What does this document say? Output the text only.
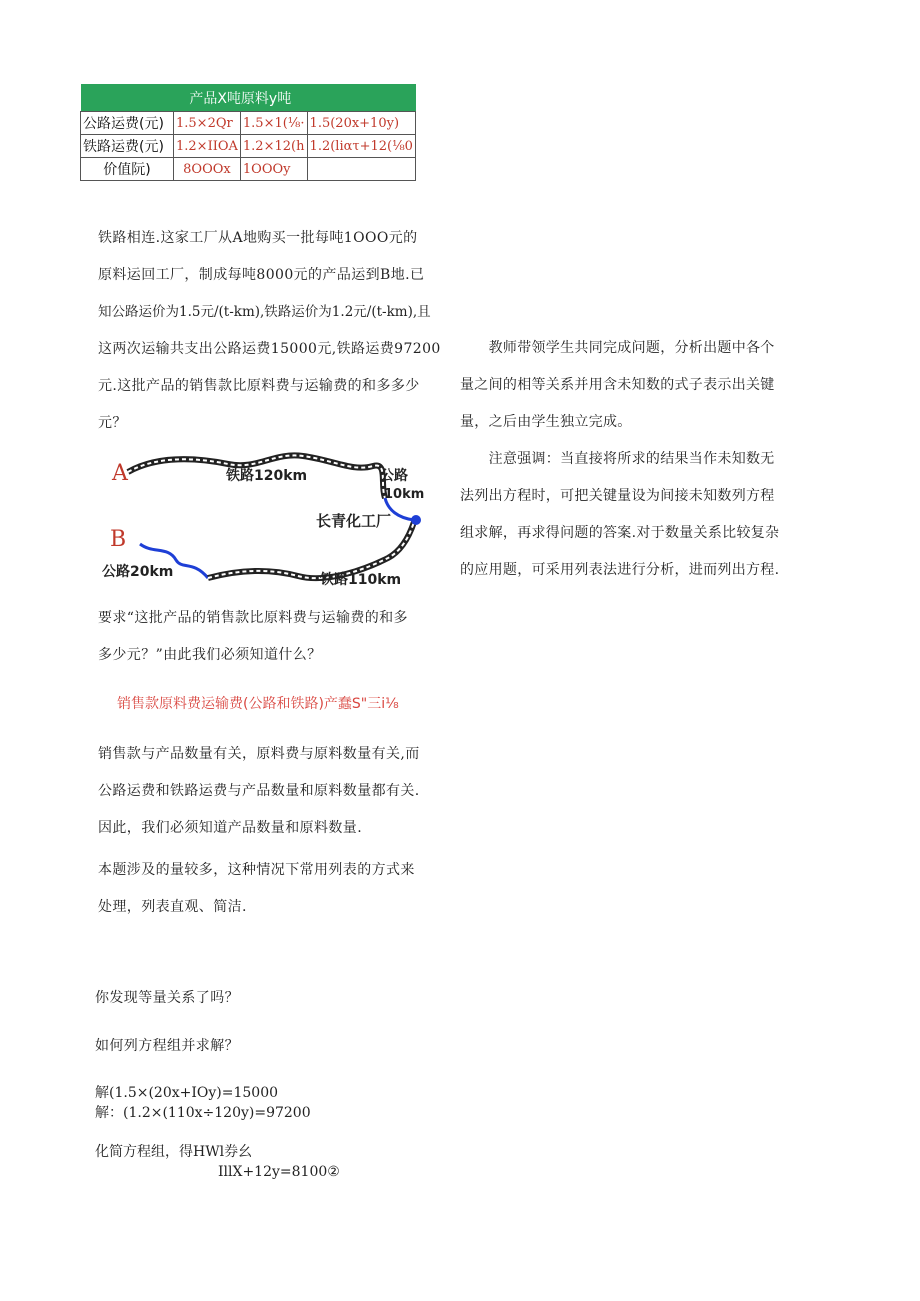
	产品X吨原料y吨		
公路运费(元)	1.5×2Qr	1.5×1(⅛·	1.5(20x+10y)
铁路运费(元)	1.2×IIOA	1.2×12(h	1.2(liατ+12(⅛0
价值阮)	8OOOx	1OOOy	
铁路相连.这家工厂从A地购买一批每吨1OOO元的
原料运回工厂，制成每吨8000元的产品运到B地.已
知公路运价为1.5元/(t-km),铁路运价为1.2元/(t-km),且
这两次运输共支出公路运费15000元,铁路运费97200
元.这批产品的销售款比原料费与运输费的和多多少
元？
A
B
铁路120km	公路
10km
长青化工厂
公路20km	铁路110km
要求“这批产品的销售款比原料费与运输费的和多
多少元？”由此我们必须知道什么？
销售款原料费运输费(公路和铁路)产蠢S"三i⅛
销售款与产品数量有关，原料费与原料数量有关,而
公路运费和铁路运费与产品数量和原料数量都有关.
因此，我们必须知道产品数量和原料数量.
本题涉及的量较多，这种情况下常用列表的方式来
处理，列表直观、简洁.
你发现等量关系了吗？
如何列方程组并求解？
解(1.5×(20x+IOy)=15000
解：(1.2×(110x÷120y)=97200
化简方程组，得HWl券幺
IllX+12y=8100②
　　教师带领学生共同完成问题，分析出题中各个
量之间的相等关系并用含未知数的式子表示出关键
量，之后由学生独立完成。
　　注意强调：当直接将所求的结果当作未知数无
法列出方程时，可把关键量设为间接未知数列方程
组求解，再求得问题的答案.对于数量关系比较复杂
的应用题，可采用列表法进行分析，进而列出方程.
